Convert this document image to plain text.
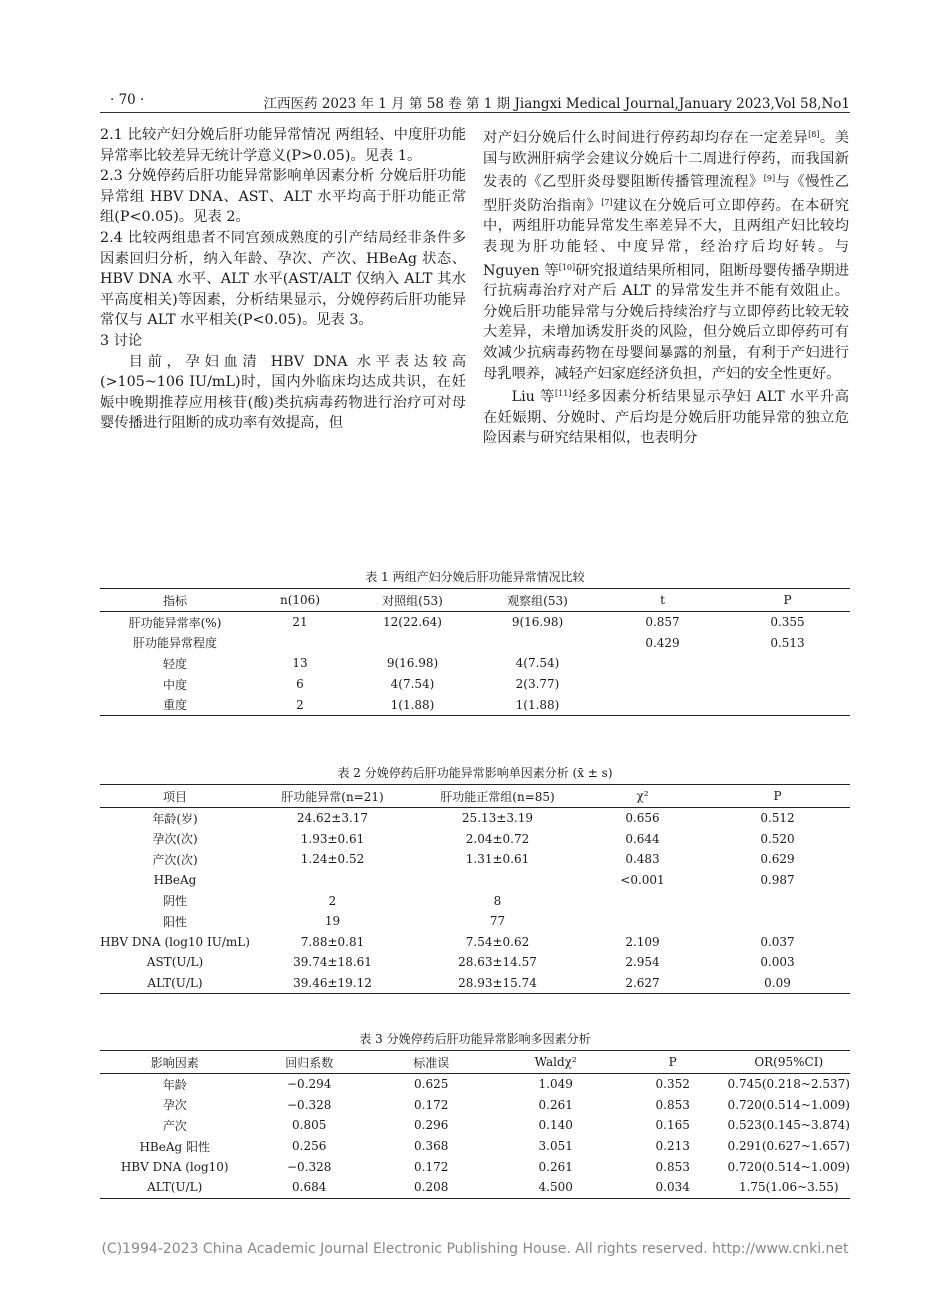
· 70 ·	江西医药 2023 年 1 月 第 58 卷 第 1 期 Jiangxi Medical Journal,January 2023,Vol 58,No1

2.1 比较产妇分娩后肝功能异常情况 两组轻、中度肝功能异常率比较差异无统计学意义(P>0.05)。见表 1。

2.3 分娩停药后肝功能异常影响单因素分析 分娩后肝功能异常组 HBV DNA、AST、ALT 水平均高于肝功能正常组(P<0.05)。见表 2。

2.4 比较两组患者不同宫颈成熟度的引产结局经非条件多因素回归分析，纳入年龄、孕次、产次、HBeAg 状态、HBV DNA 水平、ALT 水平(AST/ALT 仅纳入 ALT 其水平高度相关)等因素，分析结果显示，分娩停药后肝功能异常仅与 ALT 水平相关(P<0.05)。见表 3。

3 讨论

目前，孕妇血清 HBV DNA 水平表达较高(>105~106 IU/mL)时，国内外临床均达成共识，在妊娠中晚期推荐应用核苷(酸)类抗病毒药物进行治疗可对母婴传播进行阻断的成功率有效提高，但

对产妇分娩后什么时间进行停药却均存在一定差异[8]。美国与欧洲肝病学会建议分娩后十二周进行停药，而我国新发表的《乙型肝炎母婴阻断传播管理流程》[9]与《慢性乙型肝炎防治指南》[7]建议在分娩后可立即停药。在本研究中，两组肝功能异常发生率差异不大，且两组产妇比较均表现为肝功能轻、中度异常，经治疗后均好转。与 Nguyen 等[10]研究报道结果所相同，阻断母婴传播孕期进行抗病毒治疗对产后 ALT 的异常发生并不能有效阻止。分娩后肝功能异常与分娩后持续治疗与立即停药比较无较大差异，未增加诱发肝炎的风险，但分娩后立即停药可有效减少抗病毒药物在母婴间暴露的剂量，有利于产妇进行母乳喂养，减轻产妇家庭经济负担，产妇的安全性更好。

Liu 等[11]经多因素分析结果显示孕妇 ALT 水平升高在妊娠期、分娩时、产后均是分娩后肝功能异常的独立危险因素与研究结果相似，也表明分

表 1 两组产妇分娩后肝功能异常情况比较
指标	n(106)	对照组(53)	观察组(53)	t	P
肝功能异常率(%)	21	12(22.64)	9(16.98)	0.857	0.355
肝功能异常程度				0.429	0.513
轻度	13	9(16.98)	4(7.54)		
中度	6	4(7.54)	2(3.77)		
重度	2	1(1.88)	1(1.88)		
表 2 分娩停药后肝功能异常影响单因素分析 (x̄ ± s)
项目	肝功能异常(n=21)	肝功能正常组(n=85)	χ²	P
年龄(岁)	24.62±3.17	25.13±3.19	0.656	0.512
孕次(次)	1.93±0.61	2.04±0.72	0.644	0.520
产次(次)	1.24±0.52	1.31±0.61	0.483	0.629
HBeAg			<0.001	0.987
阴性	2	8		
阳性	19	77		
HBV DNA (log10 IU/mL)	7.88±0.81	7.54±0.62	2.109	0.037
AST(U/L)	39.74±18.61	28.63±14.57	2.954	0.003
ALT(U/L)	39.46±19.12	28.93±15.74	2.627	0.09
表 3 分娩停药后肝功能异常影响多因素分析
影响因素	回归系数	标准误	Waldχ²	P	OR(95%CI)
年龄	−0.294	0.625	1.049	0.352	0.745(0.218~2.537)
孕次	−0.328	0.172	0.261	0.853	0.720(0.514~1.009)
产次	0.805	0.296	0.140	0.165	0.523(0.145~3.874)
HBeAg 阳性	0.256	0.368	3.051	0.213	0.291(0.627~1.657)
HBV DNA (log10)	−0.328	0.172	0.261	0.853	0.720(0.514~1.009)
ALT(U/L)	0.684	0.208	4.500	0.034	1.75(1.06~3.55)
(C)1994-2023 China Academic Journal Electronic Publishing House. All rights reserved. http://www.cnki.net
